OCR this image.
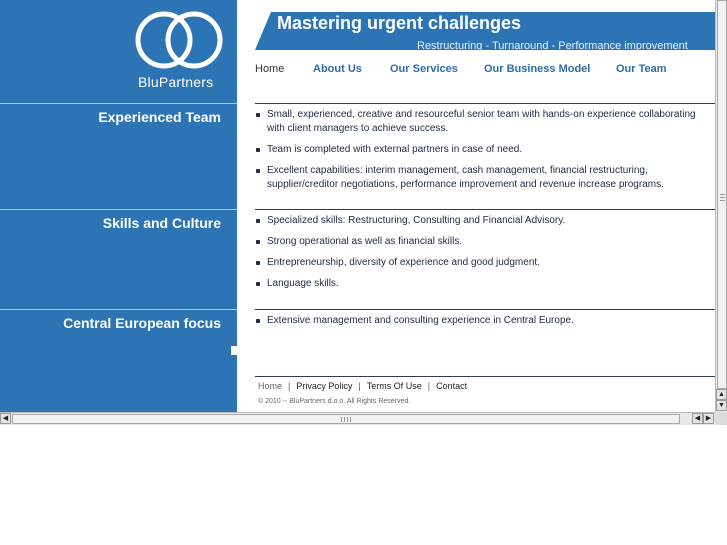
BluPartners
Experienced Team
Skills and Culture
Central European focus
Mastering urgent challenges
Restructuring - Turnaround - Performance improvement
Home	About Us	Our Services Our Business Model Our Team
Small, experienced, creative and resourceful senior team with hands-on experience collaborating with client managers to achieve success.
Team is completed with external partners in case of need.
Excellent capabilities: interim management, cash management, financial restructuring, supplier/creditor negotiations, performance improvement and revenue increase programs.
Specialized skills: Restructuring, Consulting and Financial Advisory.
Strong operational as well as financial skills.
Entrepreneurship, diversity of experience and good judgment.
Language skills.
Extensive management and consulting experience in Central Europe.
Home | Privacy Policy | Terms Of Use | Contact
© 2010 -- BluPartners d.o.o. All Rights Reserved.
▲
▼
◀	◀ ▶
